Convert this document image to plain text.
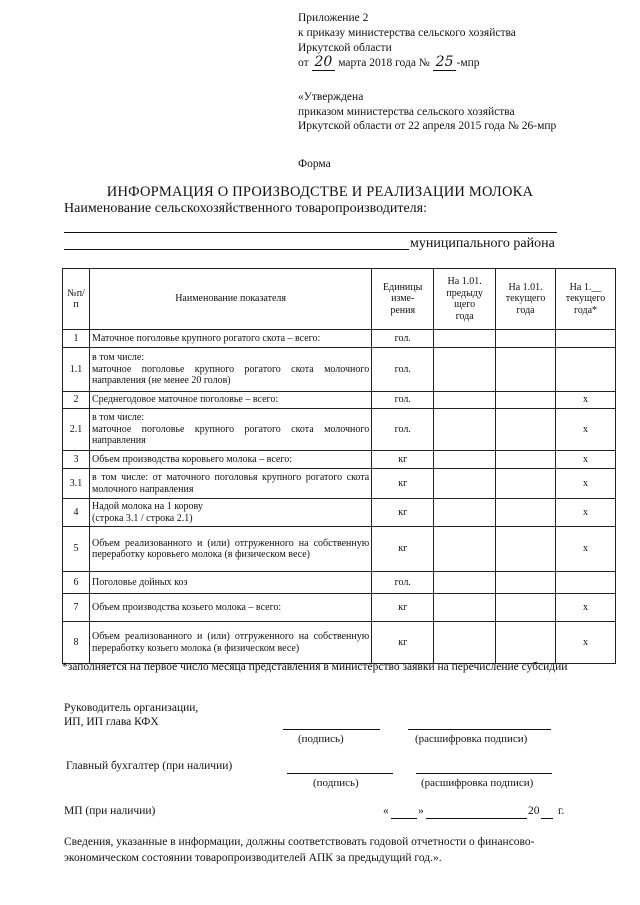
Приложение 2
к приказу министерства сельского хозяйства
Иркутской области
от 20 марта 2018 года № 25 -мпр
«Утверждена
приказом министерства сельского хозяйства
Иркутской области от 22 апреля 2015 года № 26-мпр
Форма
ИНФОРМАЦИЯ О ПРОИЗВОДСТВЕ И РЕАЛИЗАЦИИ МОЛОКА
Наименование сельскохозяйственного товаропроизводителя:
муниципального района
№п/
п	Наименование показателя	Единицы
изме-
рения	На 1.01.
предыду
щего
года	На 1.01.
текущего
года	На 1.__
текущего
года*
1	Маточное поголовье крупного рогатого скота – всего:	гол.			
1.1	в том числе:
маточное поголовье крупного рогатого скота молочного направления (не менее 20 голов)	гол.			
2	Среднегодовое маточное поголовье – всего:	гол.			х
2.1	в том числе:
маточное поголовье крупного рогатого скота молочного направления	гол.			х
3	Объем производства коровьего молока – всего:	кг			х
3.1	в том числе: от маточного поголовья крупного рогатого скота молочного направления	кг			х
4	Надой молока на 1 корову
(строка 3.1 / строка 2.1)	кг			х
5	Объем реализованного и (или) отгруженного на собственную переработку коровьего молока (в физическом весе)	кг			х
6	Поголовье дойных коз	гол.			
7	Объем производства козьего молока – всего:	кг			х
8	Объем реализованного и (или) отгруженного на собственную переработку козьего молока (в физическом весе)	кг			х
*заполняется на первое число месяца представления в министерство заявки на перечисление субсидии
Руководитель организации,
ИП, ИП глава КФХ
(подпись)	(расшифровка подписи)
Главный бухгалтер (при наличии)
(подпись)	(расшифровка подписи)
МП (при наличии)	«	»	20 г.
Сведения, указанные в информации, должны соответствовать годовой отчетности о финансово-
экономическом состоянии товаропроизводителей АПК за предыдущий год.».
